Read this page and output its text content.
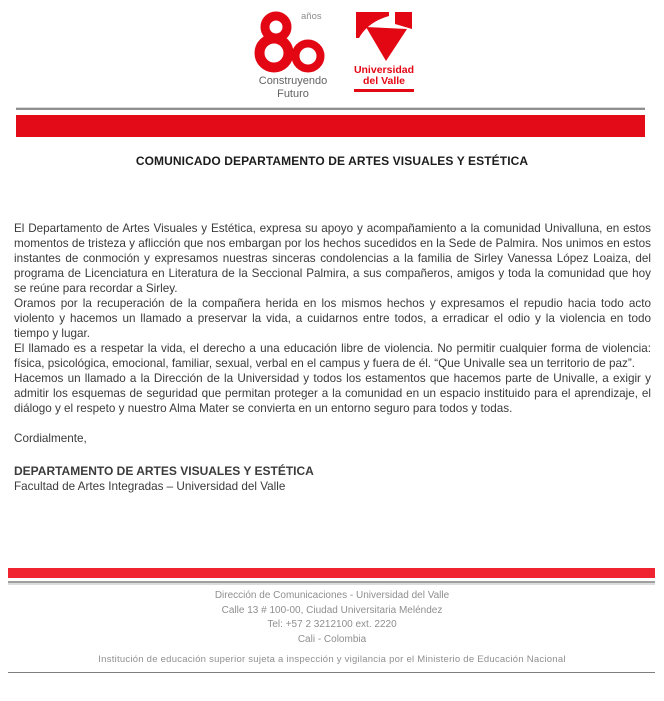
años
Construyendo
Futuro
Universidad
del Valle
COMUNICADO DEPARTAMENTO DE ARTES VISUALES Y ESTÉTICA

El Departamento de Artes Visuales y Estética, expresa su apoyo y acompañamiento a la comunidad Univalluna, en estos momentos de tristeza y aflicción que nos embargan por los hechos sucedidos en la Sede de Palmira. Nos unimos en estos instantes de conmoción y expresamos nuestras sinceras condolencias a la familia de Sirley Vanessa López Loaiza, del programa de Licenciatura en Literatura de la Seccional Palmira, a sus compañeros, amigos y toda la comunidad que hoy se reúne para recordar a Sirley.

Oramos por la recuperación de la compañera herida en los mismos hechos y expresamos el repudio hacia todo acto violento y hacemos un llamado a preservar la vida, a cuidarnos entre todos, a erradicar el odio y la violencia en todo tiempo y lugar.

El llamado es a respetar la vida, el derecho a una educación libre de violencia. No permitir cualquier forma de violencia: física, psicológica, emocional, familiar, sexual, verbal en el campus y fuera de él. “Que Univalle sea un territorio de paz”.

Hacemos un llamado a la Dirección de la Universidad y todos los estamentos que hacemos parte de Univalle, a exigir y admitir los esquemas de seguridad que permitan proteger a la comunidad en un espacio instituido para el aprendizaje, el diálogo y el respeto y nuestro Alma Mater se convierta en un entorno seguro para todos y todas.

Cordialmente,

DEPARTAMENTO DE ARTES VISUALES Y ESTÉTICA

Facultad de Artes Integradas – Universidad del Valle

Dirección de Comunicaciones - Universidad del Valle
Calle 13 # 100-00, Ciudad Universitaria Meléndez
Tel: +57 2 3212100 ext. 2220
Cali - Colombia
Institución de educación superior sujeta a inspección y vigilancia por el Ministerio de Educación Nacional
